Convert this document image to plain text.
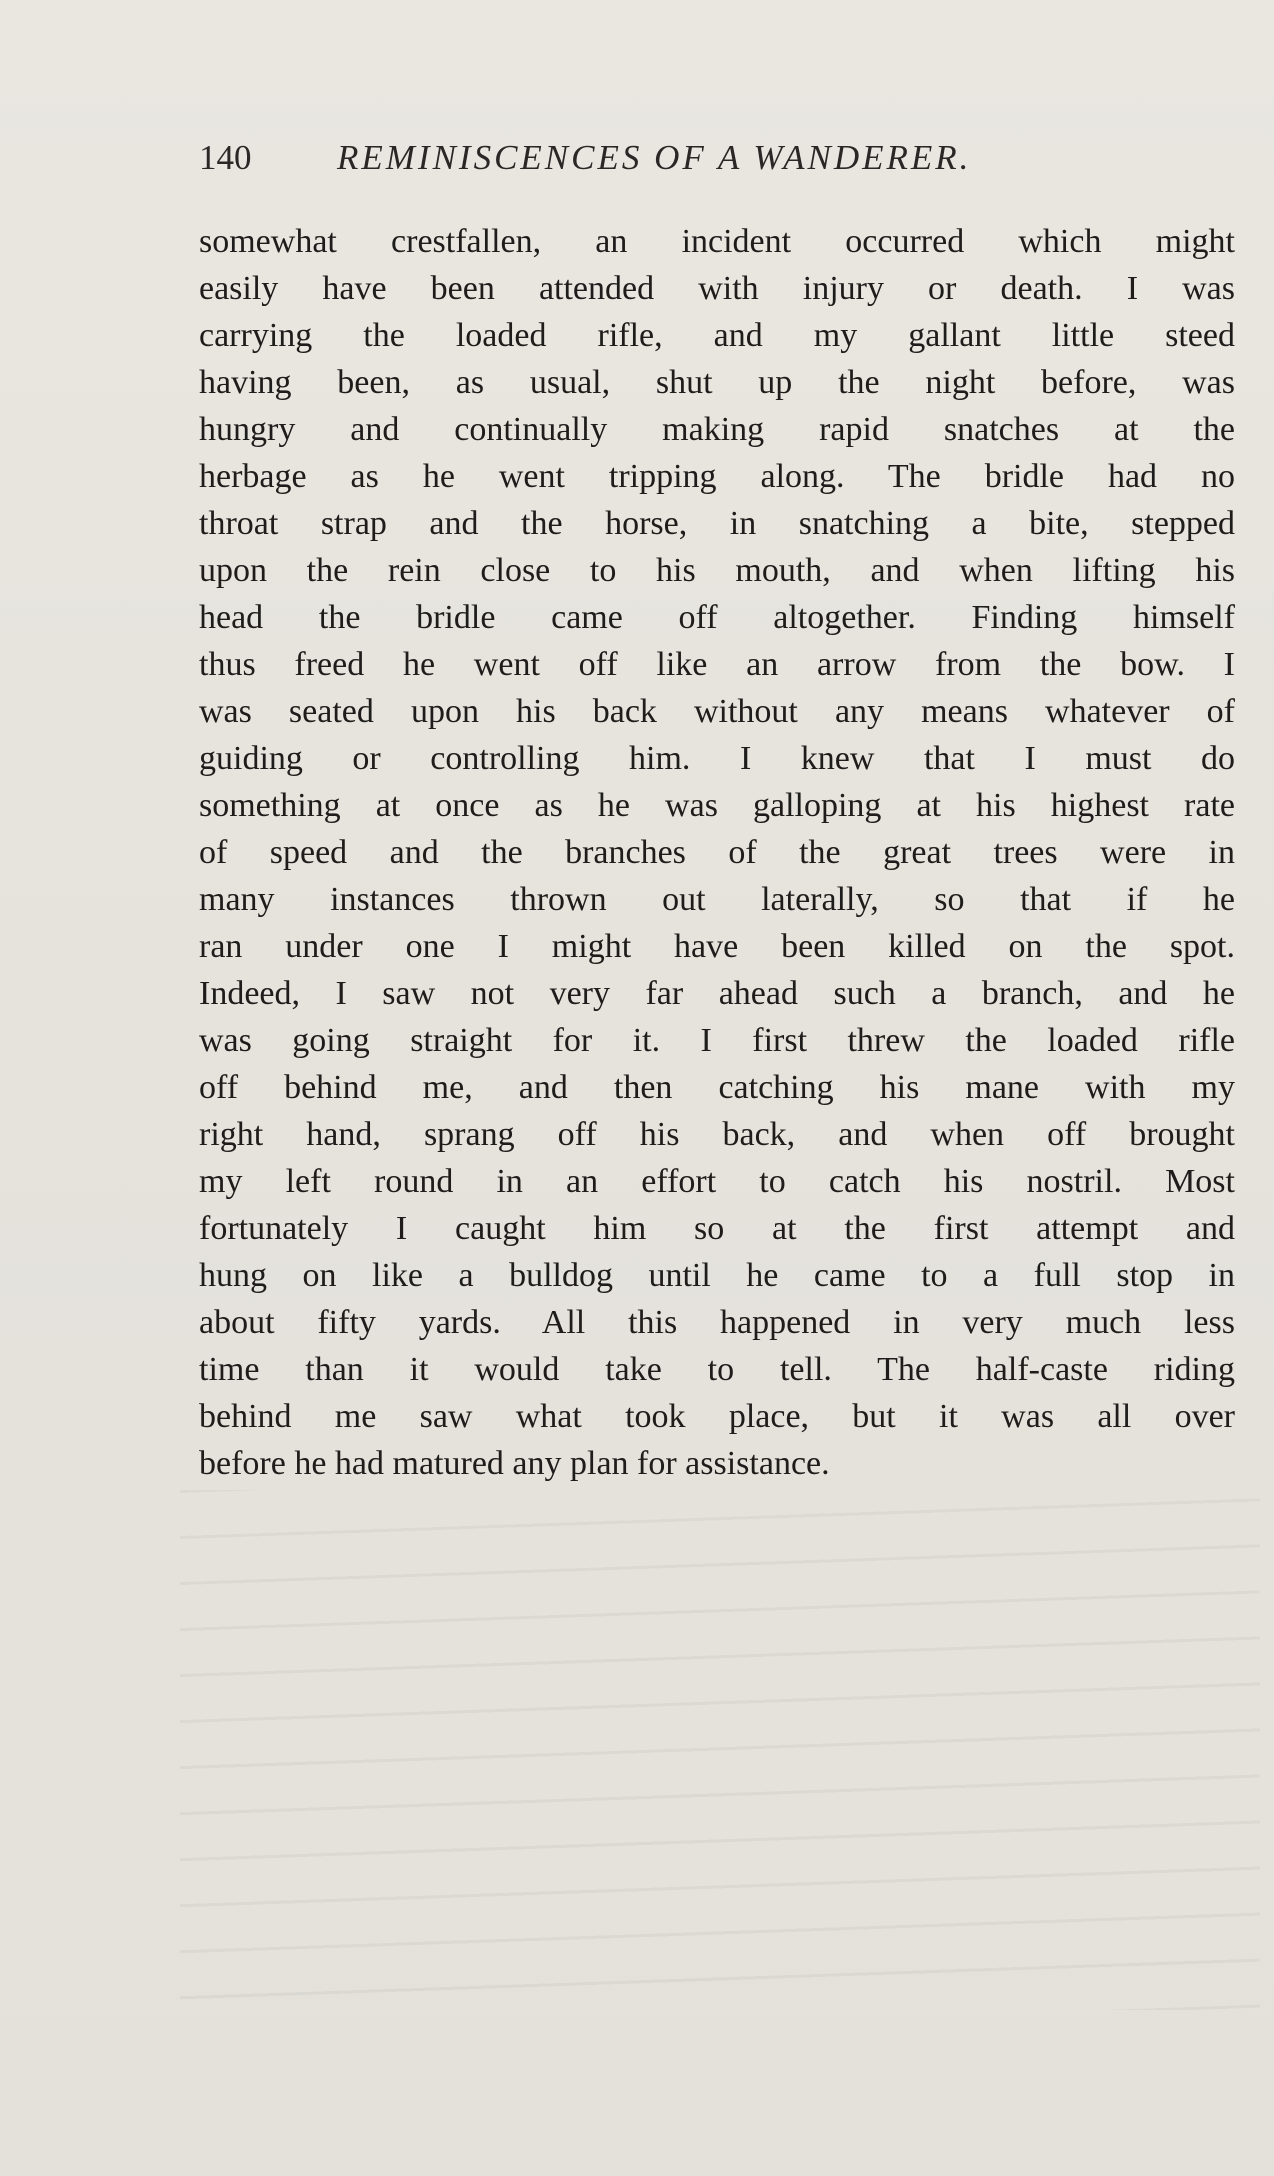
140 REMINISCENCES OF A WANDERER.
somewhat crestfallen, an incident occurred which might
easily have been attended with injury or death. I was
carrying the loaded rifle, and my gallant little steed
having been, as usual, shut up the night before, was
hungry and continually making rapid snatches at the
herbage as he went tripping along. The bridle had no
throat strap and the horse, in snatching a bite, stepped
upon the rein close to his mouth, and when lifting his
head the bridle came off altogether. Finding himself
thus freed he went off like an arrow from the bow. I
was seated upon his back without any means whatever of
guiding or controlling him. I knew that I must do
something at once as he was galloping at his highest rate
of speed and the branches of the great trees were in
many instances thrown out laterally, so that if he
ran under one I might have been killed on the spot.
Indeed, I saw not very far ahead such a branch, and he
was going straight for it. I first threw the loaded rifle
off behind me, and then catching his mane with my
right hand, sprang off his back, and when off brought
my left round in an effort to catch his nostril. Most
fortunately I caught him so at the first attempt and
hung on like a bulldog until he came to a full stop in
about fifty yards. All this happened in very much less
time than it would take to tell. The half-caste riding
behind me saw what took place, but it was all over
before he had matured any plan for assistance.
